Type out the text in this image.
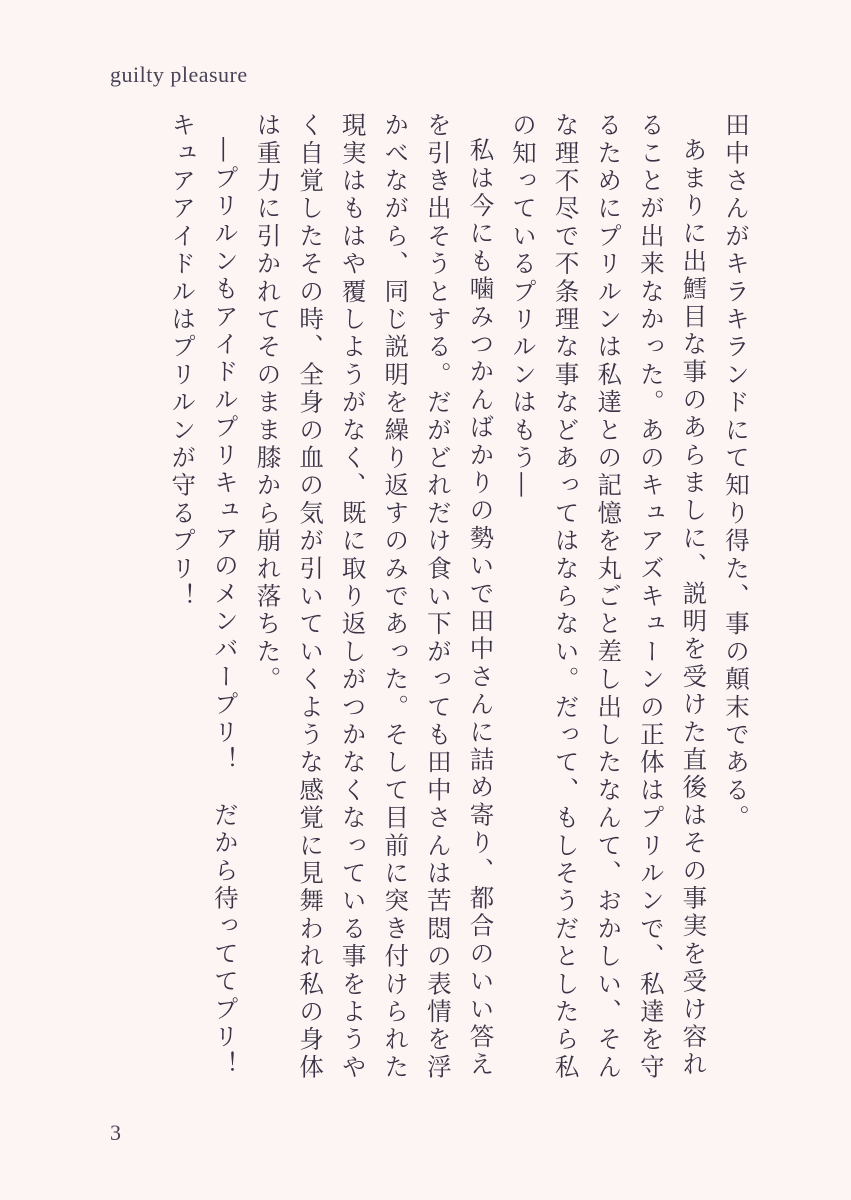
guilty pleasure

田中さんがキラキランドにて知り得た、事の顛末である。

あまりに出鱈目な事のあらましに、説明を受けた直後はその事実を受け容れることが出来なかった。あのキュアズキューンの正体はプリルンで、私達を守るためにプリルンは私達との記憶を丸ごと差し出したなんて、おかしい、そんな理不尽で不条理な事などあってはならない。だって、もしそうだとしたら私の知っているプリルンはもう―

私は今にも噛みつかんばかりの勢いで田中さんに詰め寄り、都合のいい答えを引き出そうとする。だがどれだけ食い下がっても田中さんは苦悶の表情を浮かべながら、同じ説明を繰り返すのみであった。そして目前に突き付けられた現実はもはや覆しようがなく、既に取り返しがつかなくなっている事をようやく自覚したその時、全身の血の気が引いていくような感覚に見舞われ私の身体は重力に引かれてそのまま膝から崩れ落ちた。

―プリルンもアイドルプリキュアのメンバープリ！　だから待っててプリ！

キュアアイドルはプリルンが守るプリ！

3
